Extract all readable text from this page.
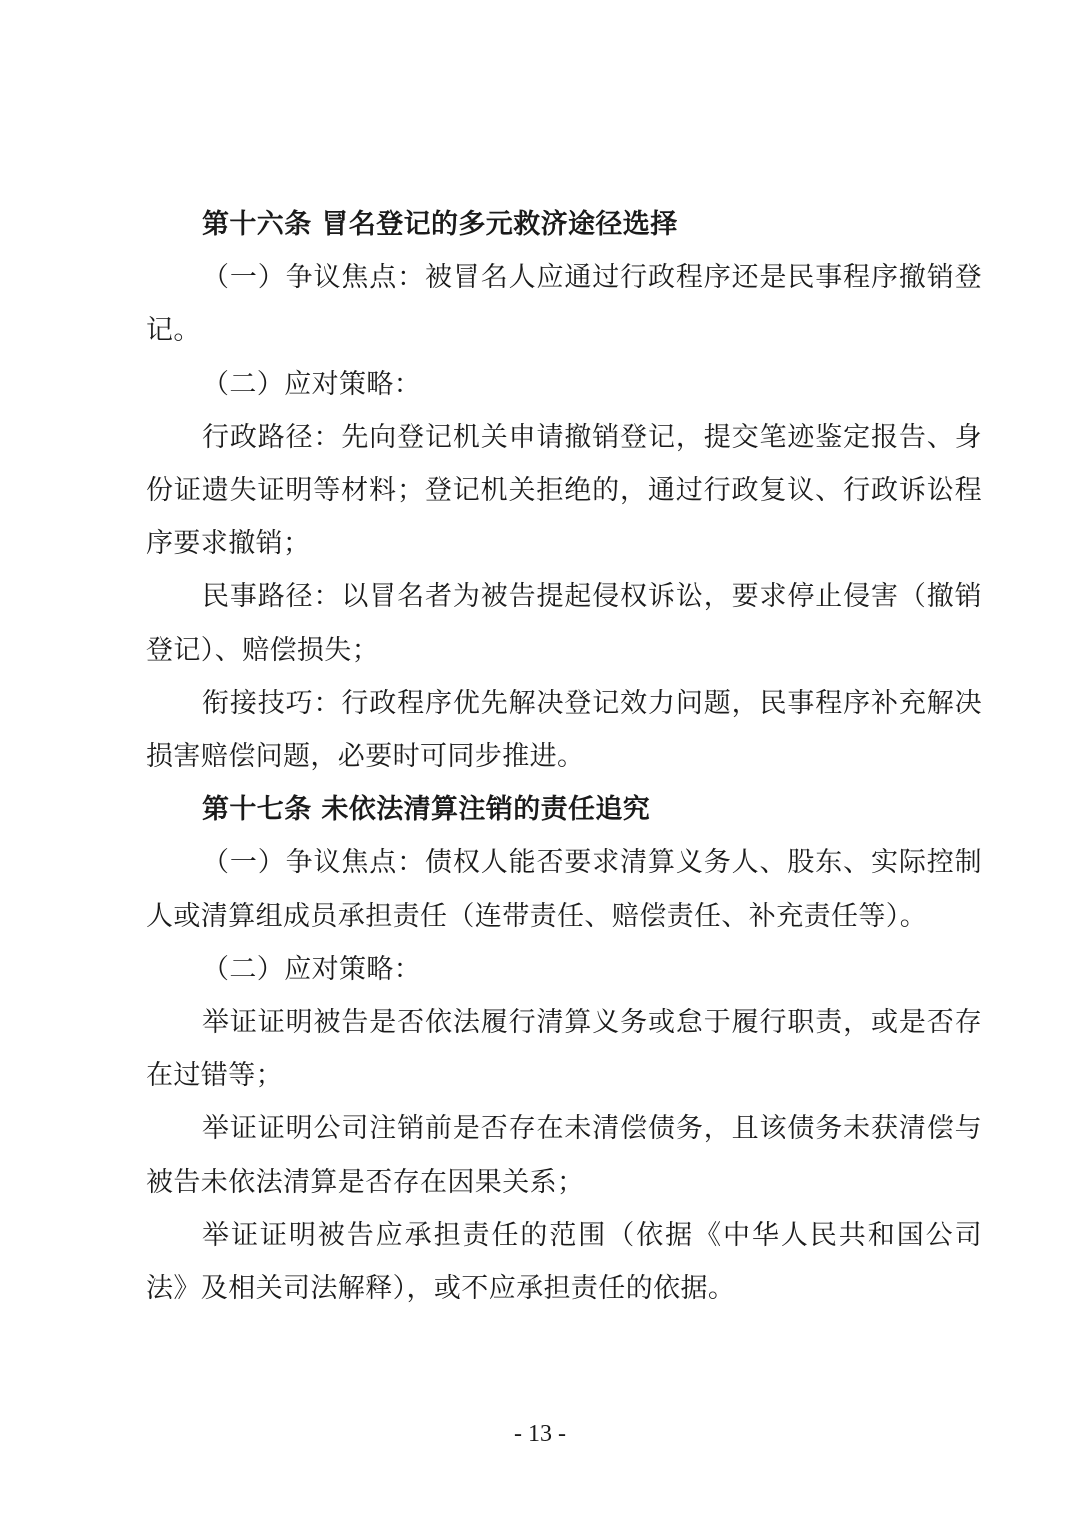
第十六条 冒名登记的多元救济途径选择

（一）争议焦点：被冒名人应通过行政程序还是民事程序撤销登记。

（二）应对策略：

行政路径：先向登记机关申请撤销登记，提交笔迹鉴定报告、身份证遗失证明等材料；登记机关拒绝的，通过行政复议、行政诉讼程序要求撤销；

民事路径：以冒名者为被告提起侵权诉讼，要求停止侵害（撤销登记）、赔偿损失；

衔接技巧：行政程序优先解决登记效力问题，民事程序补充解决损害赔偿问题，必要时可同步推进。

第十七条 未依法清算注销的责任追究

（一）争议焦点：债权人能否要求清算义务人、股东、实际控制人或清算组成员承担责任（连带责任、赔偿责任、补充责任等）。

（二）应对策略：

举证证明被告是否依法履行清算义务或怠于履行职责，或是否存在过错等；

举证证明公司注销前是否存在未清偿债务，且该债务未获清偿与被告未依法清算是否存在因果关系；

举证证明被告应承担责任的范围（依据《中华人民共和国公司法》及相关司法解释），或不应承担责任的依据。

- 13 -
